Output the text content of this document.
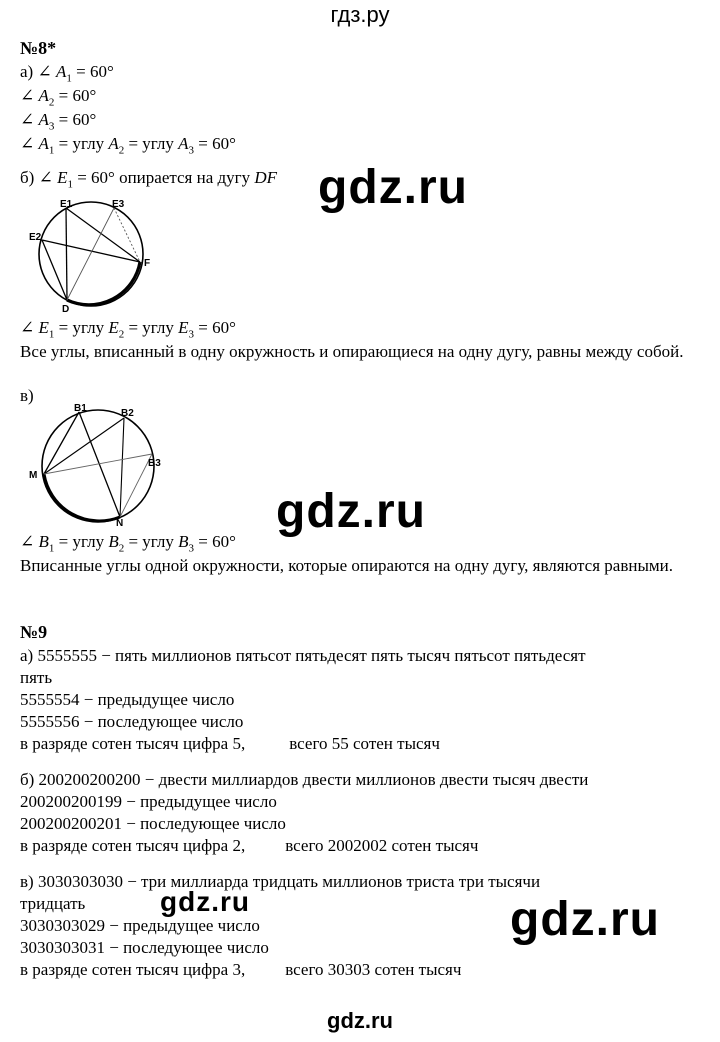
гдз.ру
№8*
а) ∠ $A_1 = 60^\circ$
∠ $A_2 = 60^\circ$
∠ $A_3 = 60^\circ$
∠ $A_1$ = углу $A_2$ = углу $A_3 = 60^\circ$
б) ∠ $E_1 = 60^\circ$ опирается на дугу DF
E1	E3
E2
F
D
∠ $E_1$ = углу $E_2$ = углу $E_3 = 60^\circ$
Все углы, вписанный в одну окружность и опирающиеся на одну дугу, равны между собой.
в)
B1	B2
B3
M
N
∠ $B_1$ = углу $B_2$ = углу $B_3 = 60^\circ$
Вписанные углы одной окружности, которые опираются на одну дугу, являются равными.
№9
а) 5555555 − пять миллионов пятьсот пятьдесят пять тысяч пятьсот пятьдесят
пять
5555554 − предыдущее число
5555556 − последующее число
в разряде сотен тысяч цифра 5,	всего 55 сотен тысяч
б) 200200200200 − двести миллиардов двести миллионов двести тысяч двести
200200200199 − предыдущее число
200200200201 − последующее число
в разряде сотен тысяч цифра 2, всего 2002002 сотен тысяч
в) 3030303030 − три миллиарда тридцать миллионов триста три тысячи
тридцать
3030303029 − предыдущее число
3030303031 − последующее число
в разряде сотен тысяч цифра 3, всего 30303 сотен тысяч
gdz.ru
gdz.ru
gdz.ru	gdz.ru
gdz.ru
